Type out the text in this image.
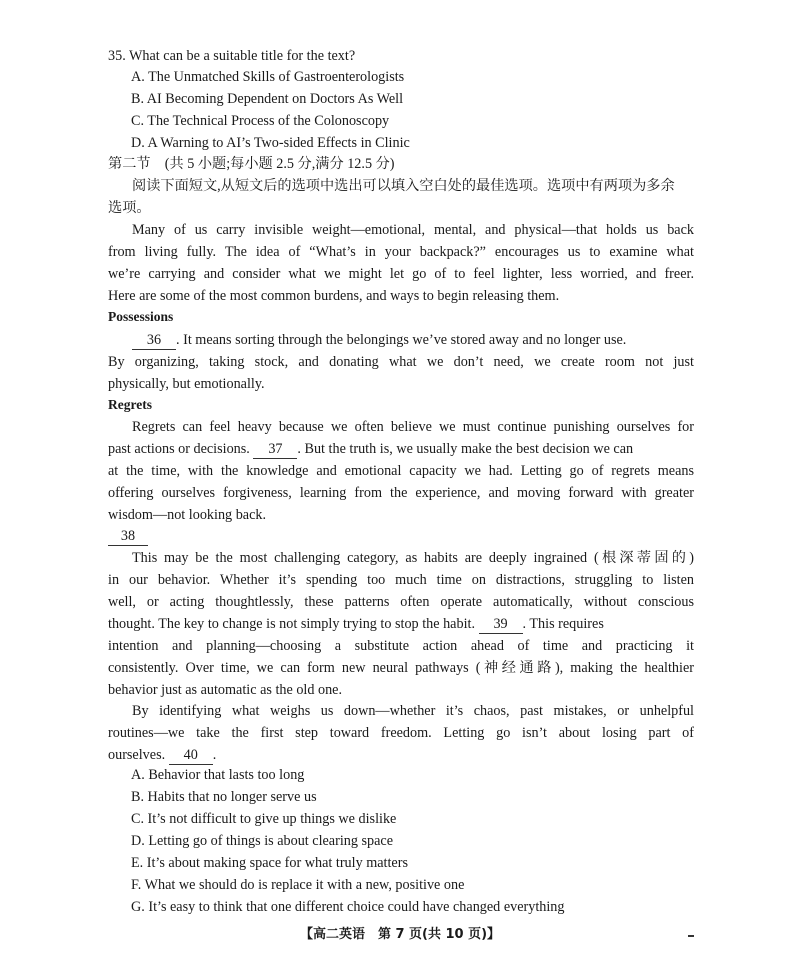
35. What can be a suitable title for the text?
A. The Unmatched Skills of Gastroenterologists
B. AI Becoming Dependent on Doctors As Well
C. The Technical Process of the Colonoscopy
D. A Warning to AI’s Two-sided Effects in Clinic
第二节　(共 5 小题;每小题 2.5 分,满分 12.5 分)
阅读下面短文,从短文后的选项中选出可以填入空白处的最佳选项。选项中有两项为多余
选项。
Many of us carry invisible weight—emotional, mental, and physical—that holds us back
from living fully. The idea of “What’s in your backpack?” encourages us to examine what
we’re carrying and consider what we might let go of to feel lighter, less worried, and freer.
Here are some of the most common burdens, and ways to begin releasing them.
Possessions
36 . It means sorting through the belongings we’ve stored away and no longer use.
By organizing, taking stock, and donating what we don’t need, we create room not just
physically, but emotionally.
Regrets
Regrets can feel heavy because we often believe we must continue punishing ourselves for
past actions or decisions. 37 . But the truth is, we usually make the best decision we can
at the time, with the knowledge and emotional capacity we had. Letting go of regrets means
offering ourselves forgiveness, learning from the experience, and moving forward with greater
wisdom—not looking back.
38
This may be the most challenging category, as habits are deeply ingrained (根深蒂固的)
in our behavior. Whether it’s spending too much time on distractions, struggling to listen
well, or acting thoughtlessly, these patterns often operate automatically, without conscious
thought. The key to change is not simply trying to stop the habit. 39 . This requires
intention and planning—choosing a substitute action ahead of time and practicing it
consistently. Over time, we can form new neural pathways (神经通路), making the healthier
behavior just as automatic as the old one.
By identifying what weighs us down—whether it’s chaos, past mistakes, or unhelpful
routines—we take the first step toward freedom. Letting go isn’t about losing part of
ourselves. 40 .
A. Behavior that lasts too long
B. Habits that no longer serve us
C. It’s not difficult to give up things we dislike
D. Letting go of things is about clearing space
E. It’s about making space for what truly matters
F. What we should do is replace it with a new, positive one
G. It’s easy to think that one different choice could have changed everything
【高二英语　第 7 页(共 10 页)】
